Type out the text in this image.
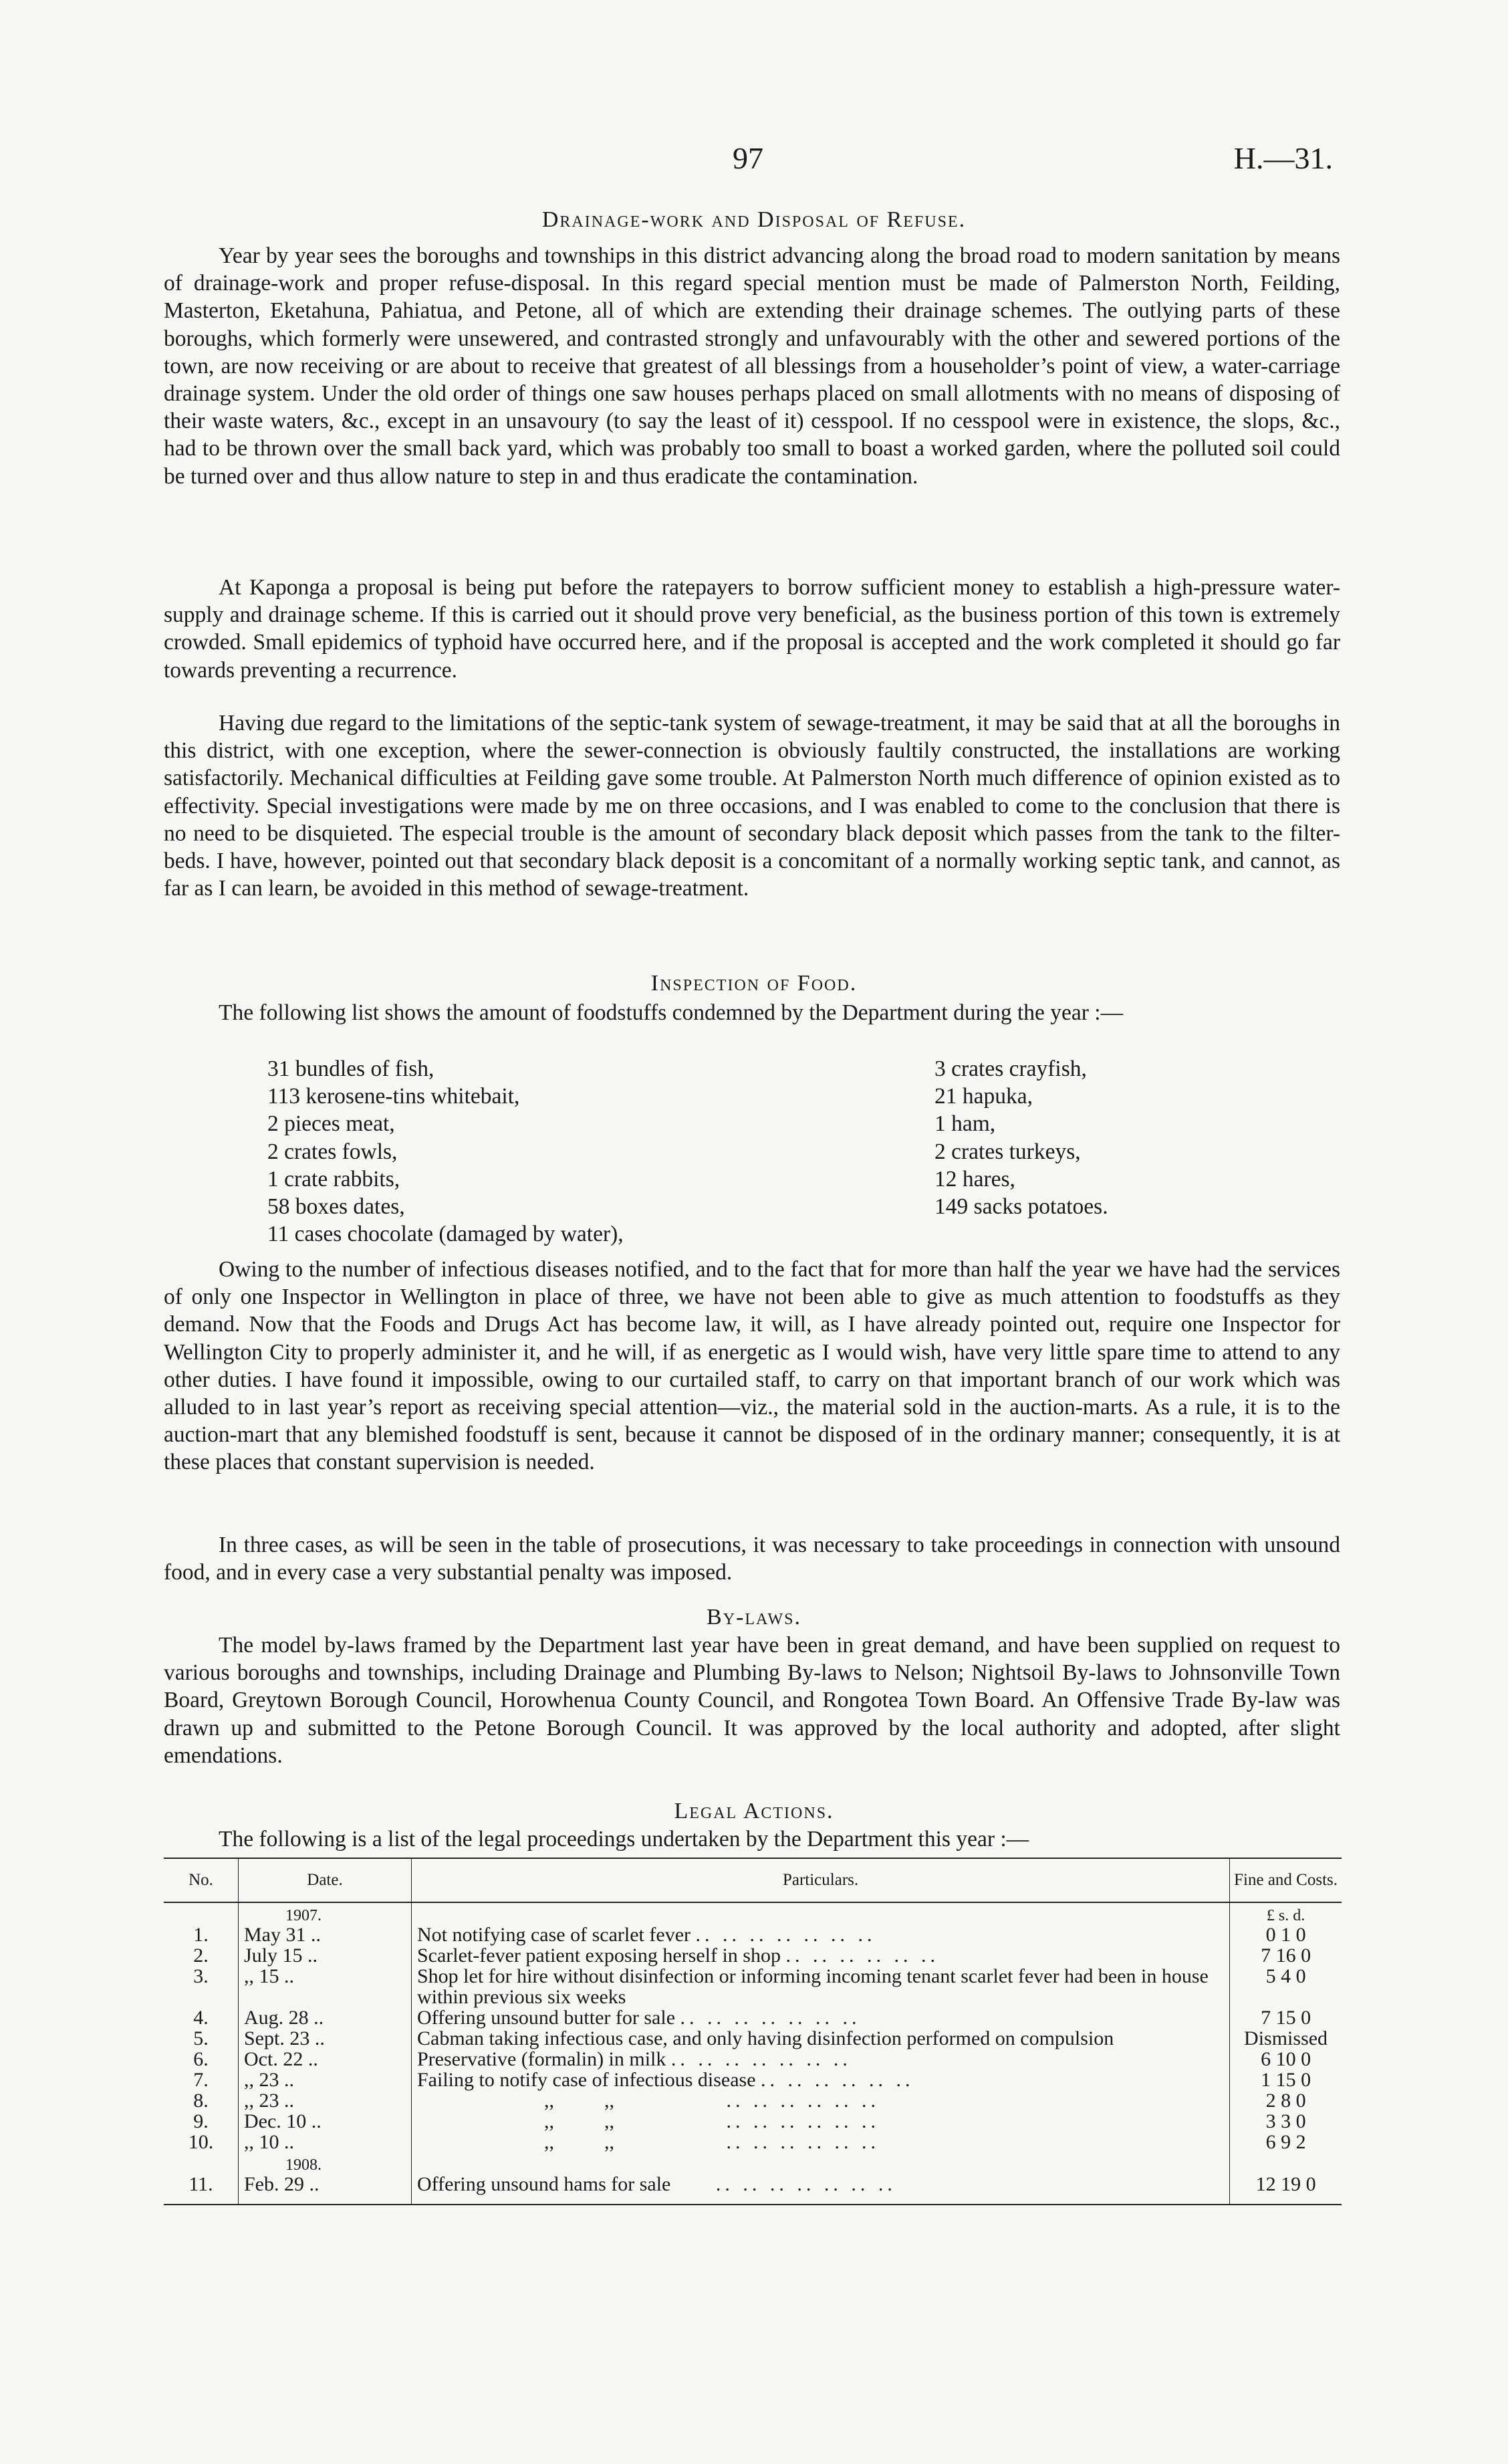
97	H.—31.
Drainage-work and Disposal of Refuse.

Year by year sees the boroughs and townships in this district advancing along the broad road to modern sanitation by means of drainage-work and proper refuse-disposal. In this regard special mention must be made of Palmerston North, Feilding, Masterton, Eketahuna, Pahiatua, and Petone, all of which are extending their drainage schemes. The outlying parts of these boroughs, which formerly were unsewered, and contrasted strongly and unfavourably with the other and sewered portions of the town, are now receiving or are about to receive that greatest of all blessings from a householder’s point of view, a water-carriage drainage system. Under the old order of things one saw houses perhaps placed on small allotments with no means of disposing of their waste waters, &c., except in an unsavoury (to say the least of it) cesspool. If no cesspool were in existence, the slops, &c., had to be thrown over the small back yard, which was probably too small to boast a worked garden, where the polluted soil could be turned over and thus allow nature to step in and thus eradicate the contamination.

At Kaponga a proposal is being put before the ratepayers to borrow sufficient money to establish a high-pressure water-supply and drainage scheme. If this is carried out it should prove very beneficial, as the business portion of this town is extremely crowded. Small epidemics of typhoid have occurred here, and if the proposal is accepted and the work completed it should go far towards preventing a recurrence.

Having due regard to the limitations of the septic-tank system of sewage-treatment, it may be said that at all the boroughs in this district, with one exception, where the sewer-connection is obviously faultily constructed, the installations are working satisfactorily. Mechanical difficulties at Feilding gave some trouble. At Palmerston North much difference of opinion existed as to effectivity. Special investigations were made by me on three occasions, and I was enabled to come to the conclusion that there is no need to be disquieted. The especial trouble is the amount of secondary black deposit which passes from the tank to the filter-beds. I have, however, pointed out that secondary black deposit is a concomitant of a normally working septic tank, and cannot, as far as I can learn, be avoided in this method of sewage-treatment.

Inspection of Food.

The following list shows the amount of foodstuffs condemned by the Department during the year :—

31 bundles of fish,
113 kerosene-tins whitebait,
2 pieces meat,
2 crates fowls,
1 crate rabbits,
58 boxes dates,
11 cases chocolate (damaged by water),
3 crates crayfish,
21 hapuka,
1 ham,
2 crates turkeys,
12 hares,
149 sacks potatoes.

Owing to the number of infectious diseases notified, and to the fact that for more than half the year we have had the services of only one Inspector in Wellington in place of three, we have not been able to give as much attention to foodstuffs as they demand. Now that the Foods and Drugs Act has become law, it will, as I have already pointed out, require one Inspector for Wellington City to properly administer it, and he will, if as energetic as I would wish, have very little spare time to attend to any other duties. I have found it impossible, owing to our curtailed staff, to carry on that important branch of our work which was alluded to in last year’s report as receiving special attention—viz., the material sold in the auction-marts. As a rule, it is to the auction-mart that any blemished foodstuff is sent, because it cannot be disposed of in the ordinary manner; consequently, it is at these places that constant supervision is needed.

In three cases, as will be seen in the table of prosecutions, it was necessary to take proceedings in connection with unsound food, and in every case a very substantial penalty was imposed.

By-laws.

The model by-laws framed by the Department last year have been in great demand, and have been supplied on request to various boroughs and townships, including Drainage and Plumbing By-laws to Nelson; Nightsoil By-laws to Johnsonville Town Board, Greytown Borough Council, Horowhenua County Council, and Rongotea Town Board. An Offensive Trade By-law was drawn up and submitted to the Petone Borough Council. It was approved by the local authority and adopted, after slight emendations.

Legal Actions.

The following is a list of the legal proceedings undertaken by the Department this year :—

No.	Date.	Particulars.	Fine and Costs.
	1907.		£ s. d.
1.	May 31 ..	Not notifying case of scarlet fever .. .. .. .. .. .. ..	0 1 0
2.	July 15 ..	Scarlet-fever patient exposing herself in shop .. .. .. .. .. ..	7 16 0
3.	,, 15 ..	Shop let for hire without disinfection or informing incoming tenant scarlet fever had been in house within previous six weeks	5 4 0
4.	Aug. 28 ..	Offering unsound butter for sale .. .. .. .. .. .. ..	7 15 0
5.	Sept. 23 ..	Cabman taking infectious case, and only having disinfection performed on compulsion	Dismissed
6.	Oct. 22 ..	Preservative (formalin) in milk .. .. .. .. .. .. ..	6 10 0
7.	,, 23 ..	Failing to notify case of infectious disease .. .. .. .. .. ..	1 15 0
8.	,, 23 ..	,,          ,, .. .. .. .. .. ..	2 8 0
9.	Dec. 10 ..	,,          ,, .. .. .. .. .. ..	3 3 0
10.	,, 10 ..	,,          ,, .. .. .. .. .. ..	6 9 2
	1908.		
11.	Feb. 29 ..	Offering unsound hams for sale .. .. .. .. .. .. ..	12 19 0
